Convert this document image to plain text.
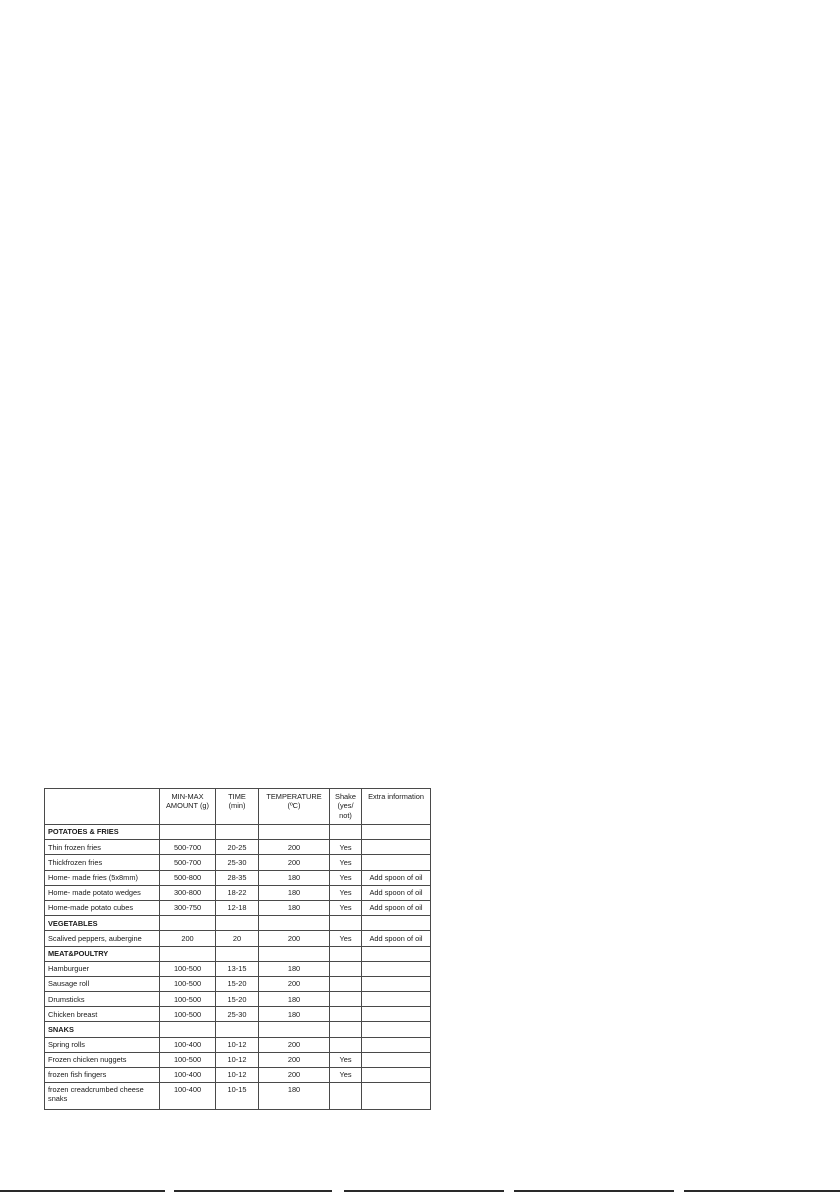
	MIN-MAX AMOUNT (g)	TIME (min)	TEMPERATURE (ºC)	Shake (yes/ not)	Extra information
POTATOES & FRIES					
Thin frozen fries	500-700	20-25	200	Yes	
Thickfrozen fries	500-700	25-30	200	Yes	
Home- made fries (5x8mm)	500-800	28-35	180	Yes	Add spoon of oil
Home- made potato wedges	300-800	18-22	180	Yes	Add spoon of oil
Home-made potato cubes	300-750	12-18	180	Yes	Add spoon of oil
VEGETABLES					
Scalived peppers, aubergine	200	20	200	Yes	Add spoon of oil
MEAT&POULTRY					
Hamburguer	100-500	13-15	180		
Sausage roll	100-500	15-20	200		
Drumsticks	100-500	15-20	180		
Chicken breast	100-500	25-30	180		
SNAKS					
Spring rolls	100-400	10-12	200		
Frozen chicken nuggets	100-500	10-12	200	Yes	
frozen fish fingers	100-400	10-12	200	Yes	
frozen creadcrumbed cheese snaks	100-400	10-15	180		
